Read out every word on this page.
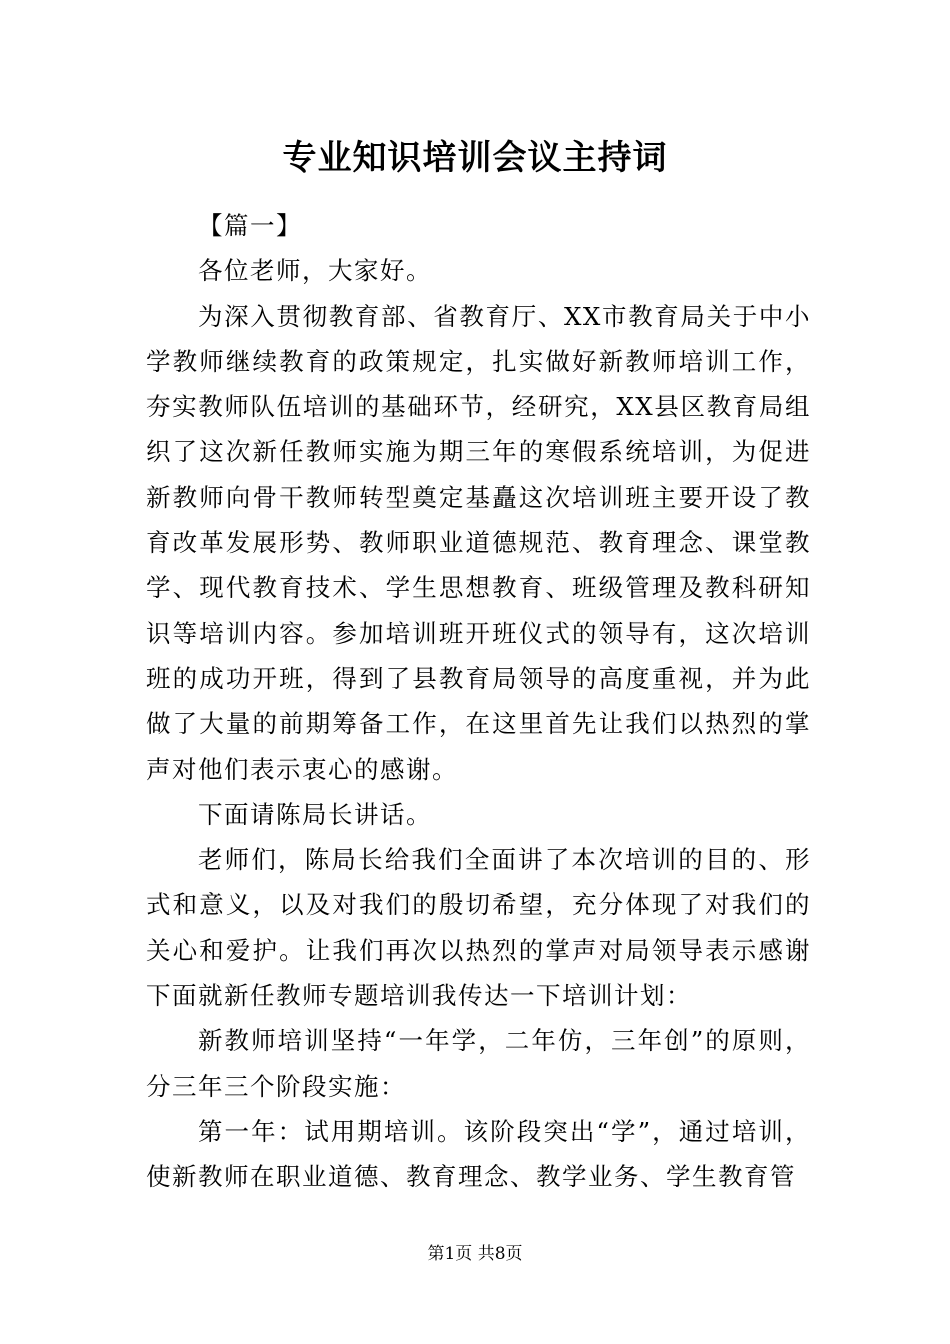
专业知识培训会议主持词

【篇一】

各位老师，大家好。

为深入贯彻教育部、省教育厅、XX市教育局关于中小学教师继续教育的政策规定，扎实做好新教师培训工作，夯实教师队伍培训的基础环节，经研究，XX县区教育局组织了这次新任教师实施为期三年的寒假系统培训，为促进新教师向骨干教师转型奠定基矗这次培训班主要开设了教育改革发展形势、教师职业道德规范、教育理念、课堂教学、现代教育技术、学生思想教育、班级管理及教科研知识等培训内容。参加培训班开班仪式的领导有，这次培训班的成功开班，得到了县教育局领导的高度重视，并为此做了大量的前期筹备工作，在这里首先让我们以热烈的掌声对他们表示衷心的感谢。

下面请陈局长讲话。

老师们，陈局长给我们全面讲了本次培训的目的、形式和意义，以及对我们的殷切希望，充分体现了对我们的关心和爱护。让我们再次以热烈的掌声对局领导表示感谢下面就新任教师专题培训我传达一下培训计划：

新教师培训坚持“一年学，二年仿，三年创”的原则，分三年三个阶段实施：

第一年：试用期培训。该阶段突出“学”，通过培训，使新教师在职业道德、教育理念、教学业务、学生教育管

第1页 共8页
